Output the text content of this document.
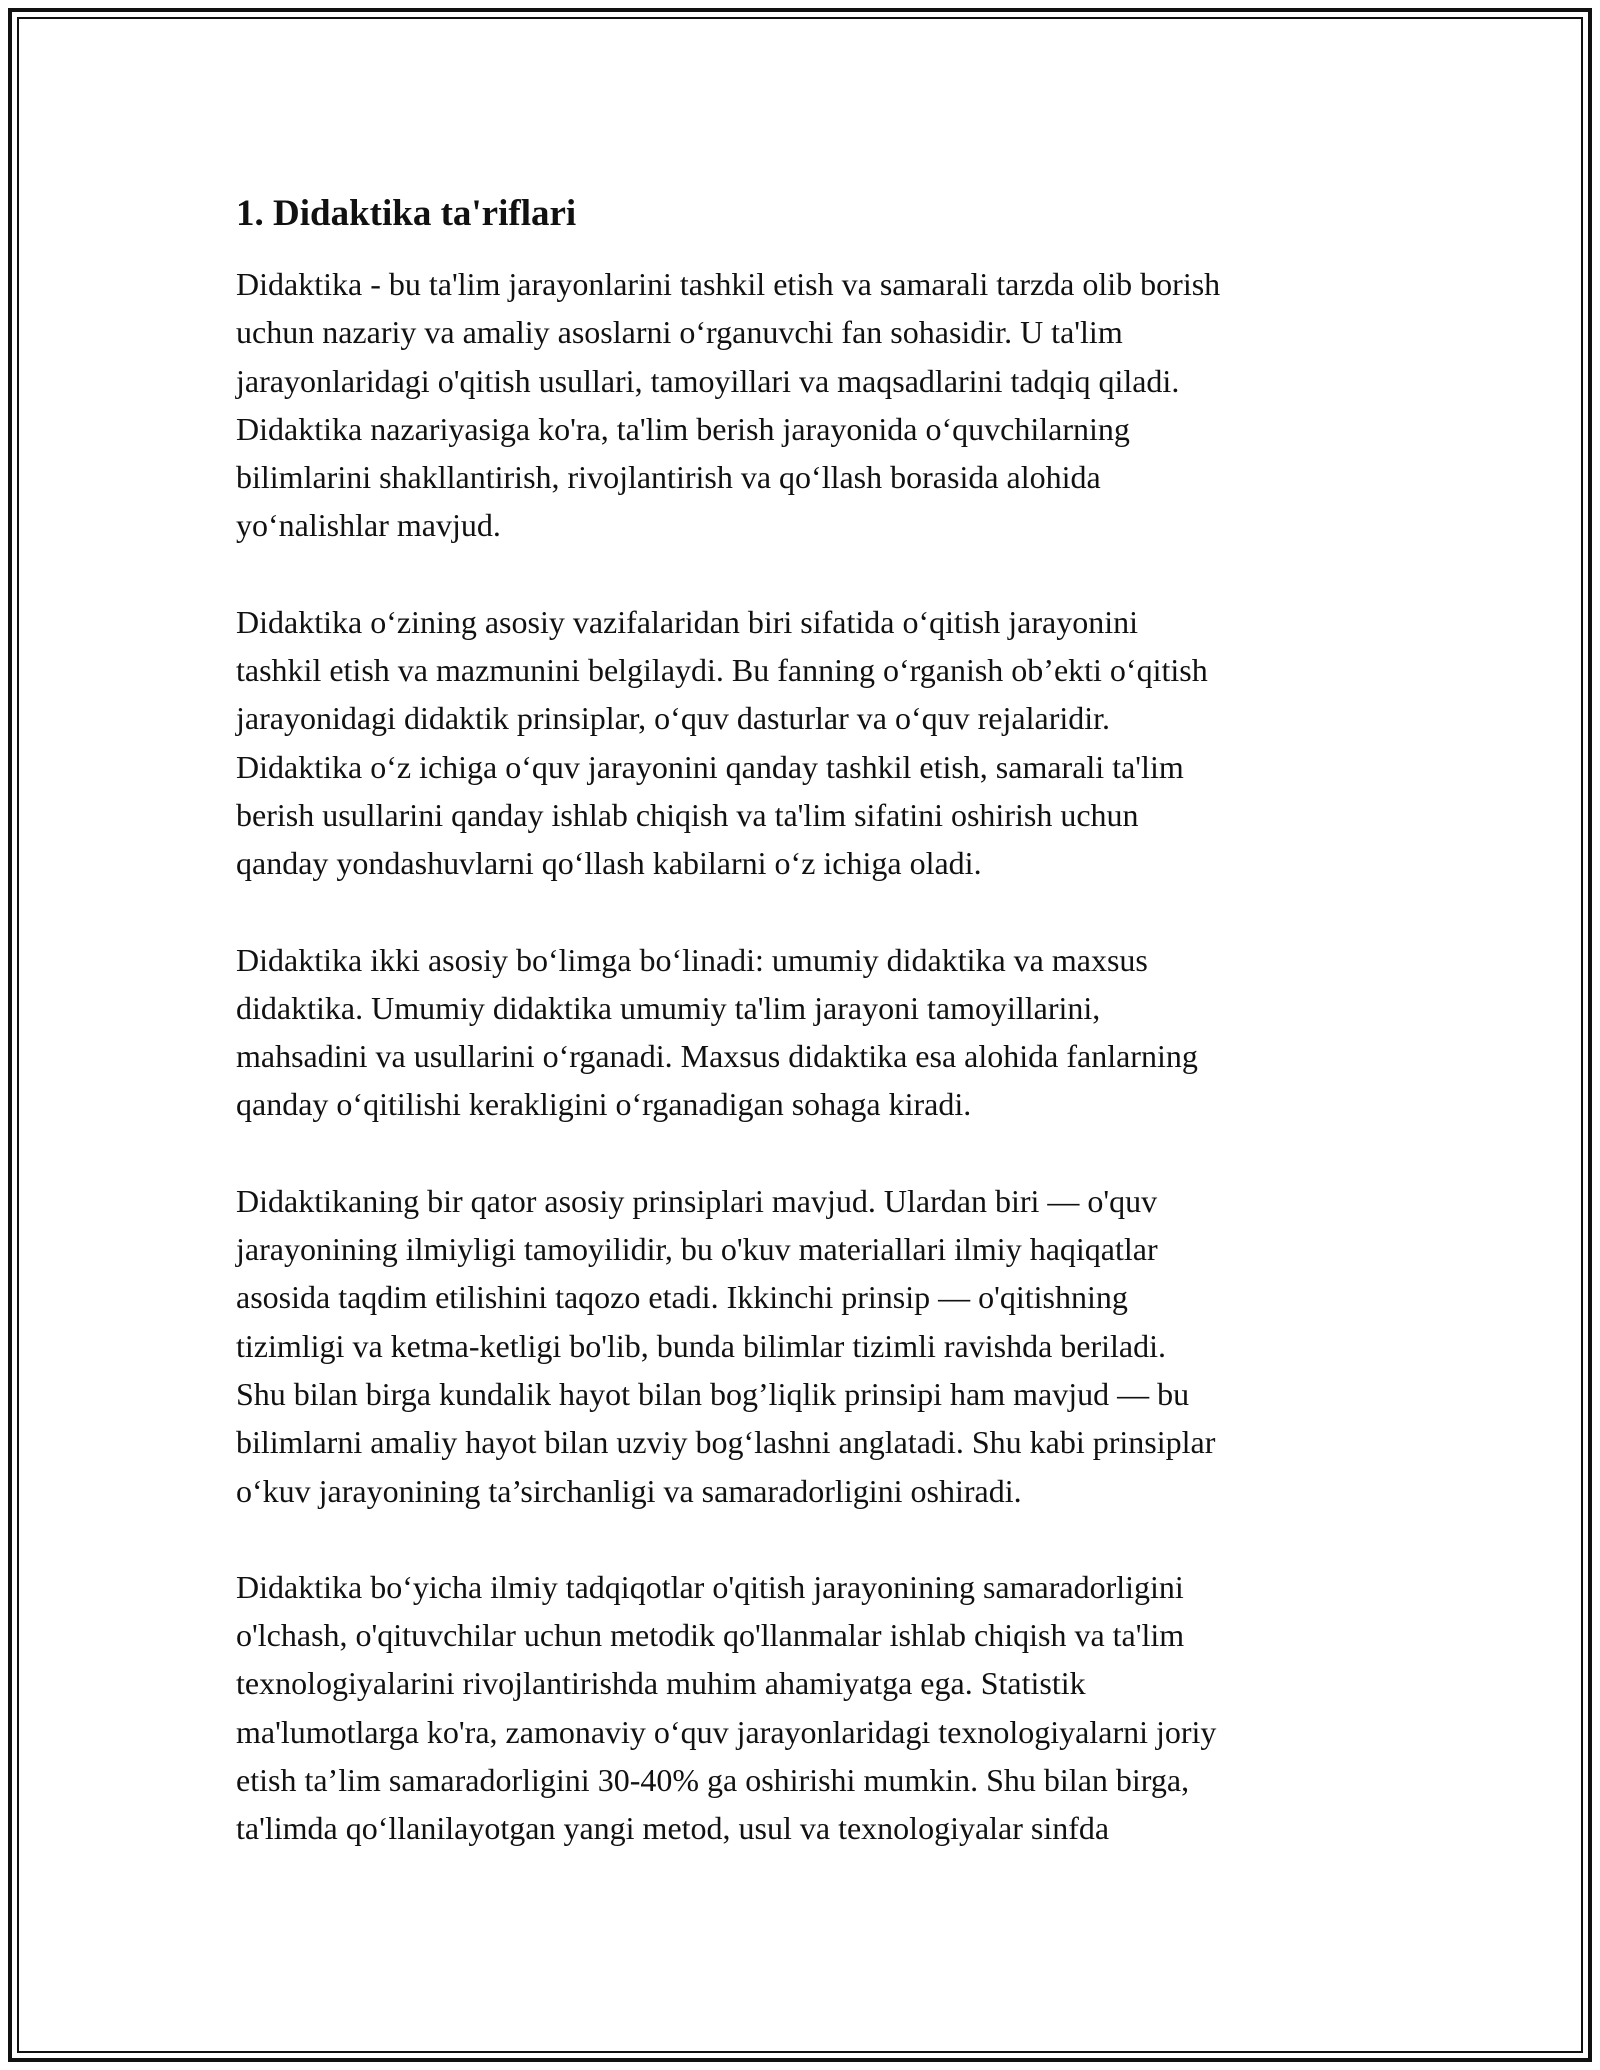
1. Didaktika ta'riflari

Didaktika - bu ta'lim jarayonlarini tashkil etish va samarali tarzda olib borish
uchun nazariy va amaliy asoslarni o‘rganuvchi fan sohasidir. U ta'lim
jarayonlaridagi o'qitish usullari, tamoyillari va maqsadlarini tadqiq qiladi.
Didaktika nazariyasiga ko'ra, ta'lim berish jarayonida o‘quvchilarning
bilimlarini shakllantirish, rivojlantirish va qo‘llash borasida alohida
yo‘nalishlar mavjud.

Didaktika o‘zining asosiy vazifalaridan biri sifatida o‘qitish jarayonini
tashkil etish va mazmunini belgilaydi. Bu fanning o‘rganish ob’ekti o‘qitish
jarayonidagi didaktik prinsiplar, o‘quv dasturlar va o‘quv rejalaridir.
Didaktika o‘z ichiga o‘quv jarayonini qanday tashkil etish, samarali ta'lim
berish usullarini qanday ishlab chiqish va ta'lim sifatini oshirish uchun
qanday yondashuvlarni qo‘llash kabilarni o‘z ichiga oladi.

Didaktika ikki asosiy bo‘limga bo‘linadi: umumiy didaktika va maxsus
didaktika. Umumiy didaktika umumiy ta'lim jarayoni tamoyillarini,
mahsadini va usullarini o‘rganadi. Maxsus didaktika esa alohida fanlarning
qanday o‘qitilishi kerakligini o‘rganadigan sohaga kiradi.

Didaktikaning bir qator asosiy prinsiplari mavjud. Ulardan biri — o'quv
jarayonining ilmiyligi tamoyilidir, bu o'kuv materiallari ilmiy haqiqatlar
asosida taqdim etilishini taqozo etadi. Ikkinchi prinsip — o'qitishning
tizimligi va ketma-ketligi bo'lib, bunda bilimlar tizimli ravishda beriladi.
Shu bilan birga kundalik hayot bilan bog’liqlik prinsipi ham mavjud — bu
bilimlarni amaliy hayot bilan uzviy bog‘lashni anglatadi. Shu kabi prinsiplar
o‘kuv jarayonining ta’sirchanligi va samaradorligini oshiradi.

Didaktika bo‘yicha ilmiy tadqiqotlar o'qitish jarayonining samaradorligini
o'lchash, o'qituvchilar uchun metodik qo'llanmalar ishlab chiqish va ta'lim
texnologiyalarini rivojlantirishda muhim ahamiyatga ega. Statistik
ma'lumotlarga ko'ra, zamonaviy o‘quv jarayonlaridagi texnologiyalarni joriy
etish ta’lim samaradorligini 30-40% ga oshirishi mumkin. Shu bilan birga,
ta'limda qo‘llanilayotgan yangi metod, usul va texnologiyalar sinfda
